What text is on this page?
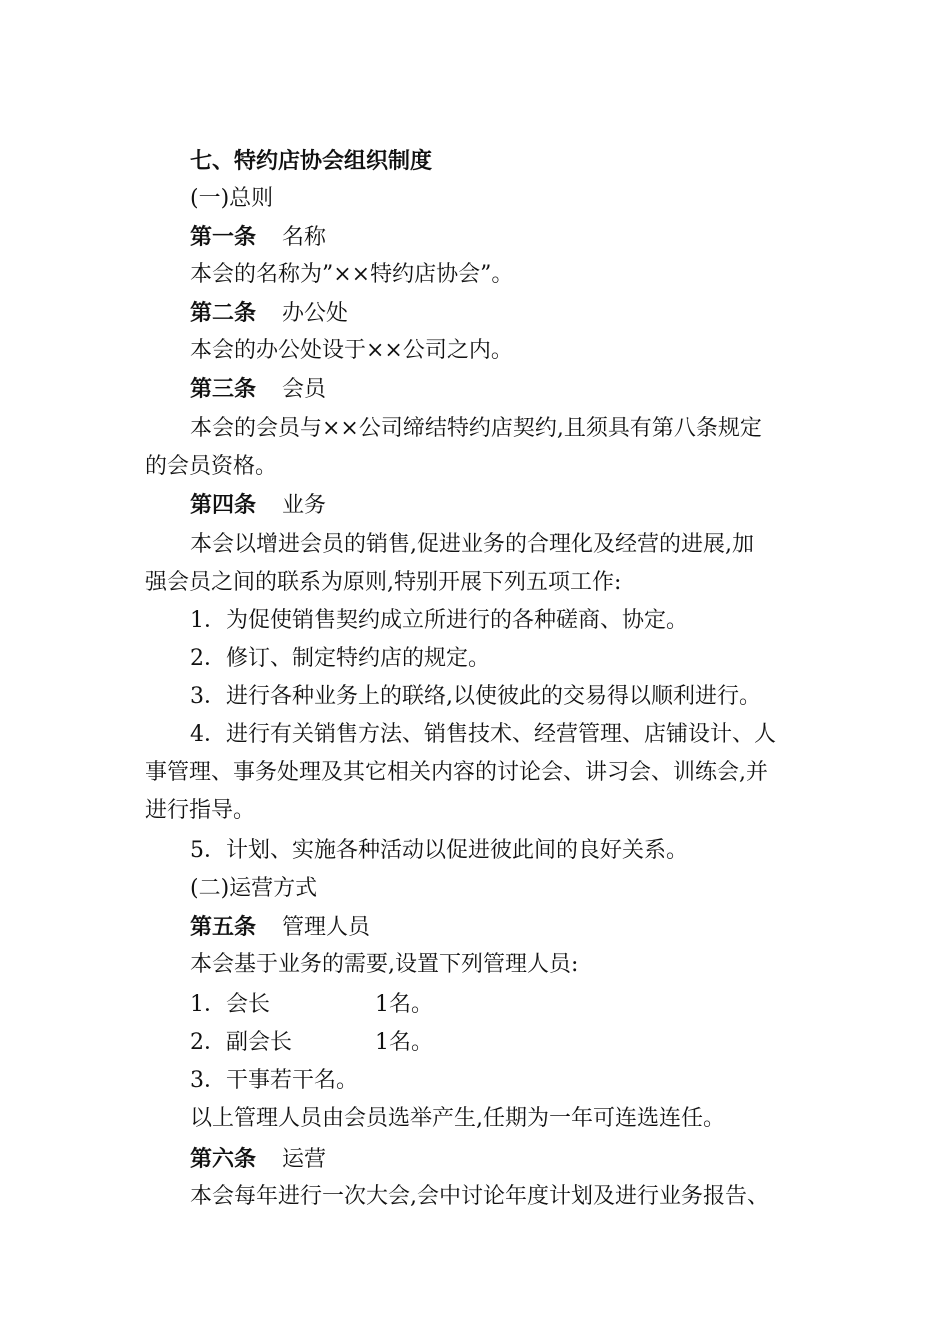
七、特约店协会组织制度
(一)总则
第一条 名称
本会的名称为”××特约店协会”。
第二条 办公处
本会的办公处设于××公司之内。
第三条 会员
本会的会员与××公司缔结特约店契约,且须具有第八条规定
的会员资格。
第四条 业务
本会以增进会员的销售,促进业务的合理化及经营的进展,加
强会员之间的联系为原则,特别开展下列五项工作:
1．为促使销售契约成立所进行的各种磋商、协定。
2．修订、制定特约店的规定。
3．进行各种业务上的联络,以使彼此的交易得以顺利进行。
4．进行有关销售方法、销售技术、经营管理、店铺设计、人
事管理、事务处理及其它相关内容的讨论会、讲习会、训练会,并
进行指导。
5．计划、实施各种活动以促进彼此间的良好关系。
(二)运营方式
第五条 管理人员
本会基于业务的需要,设置下列管理人员:
1．会长	1名。
2．副会长	1名。
3．干事若干名。
以上管理人员由会员选举产生,任期为一年可连选连任。
第六条 运营
本会每年进行一次大会,会中讨论年度计划及进行业务报告、
